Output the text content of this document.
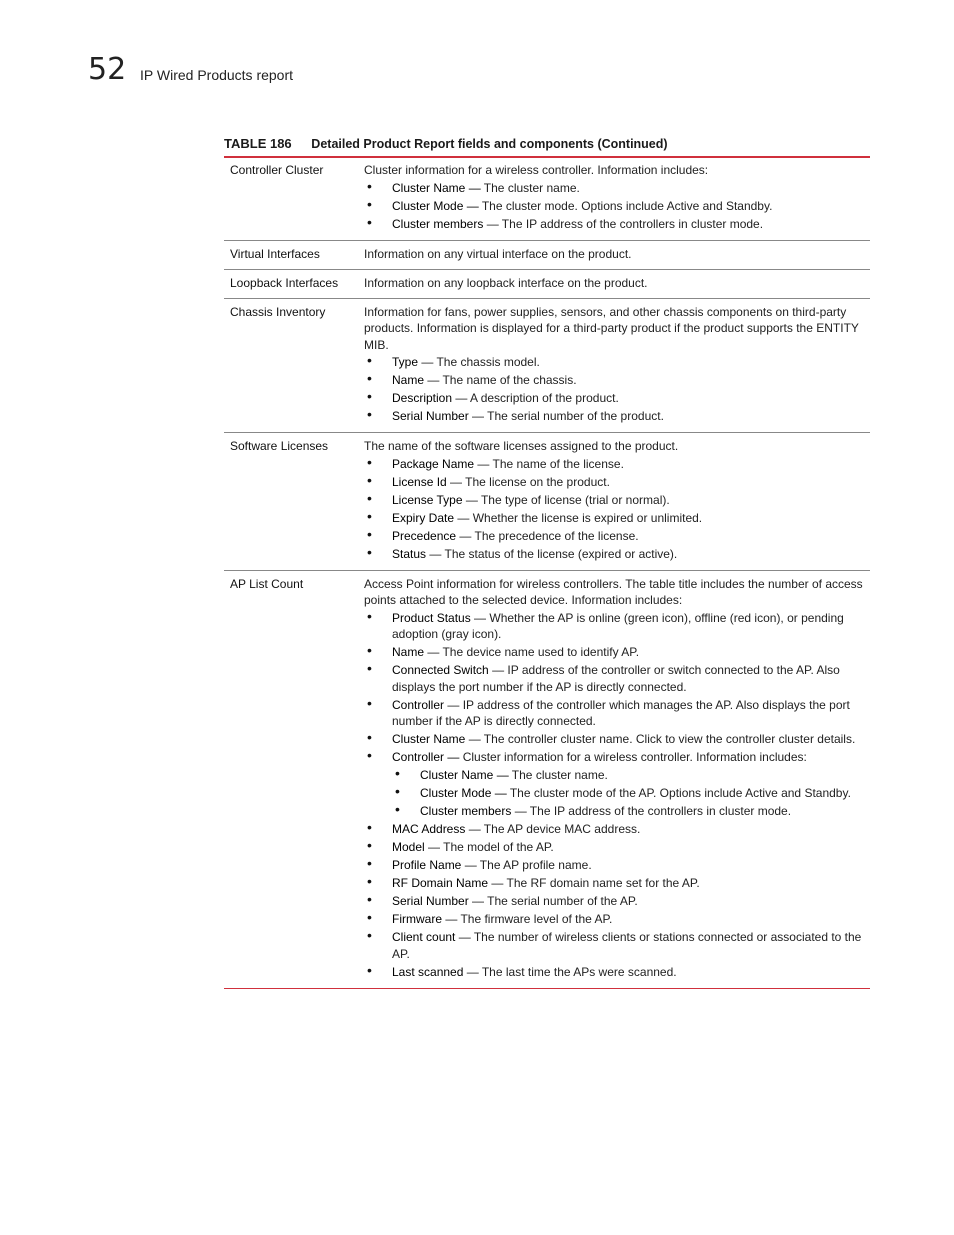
52 IP Wired Products report
TABLE 186 Detailed Product Report fields and components (Continued)
Controller Cluster	Cluster information for a wireless controller. Information includes:

• Cluster Name — The cluster name.
• Cluster Mode — The cluster mode. Options include Active and Standby.
• Cluster members — The IP address of the controllers in cluster mode.
Virtual Interfaces	Information on any virtual interface on the product.

Loopback Interfaces	Information on any loopback interface on the product.

Chassis Inventory	Information for fans, power supplies, sensors, and other chassis components on third-party products. Information is displayed for a third-party product if the product supports the ENTITY MIB.

• Type — The chassis model.
• Name — The name of the chassis.
• Description — A description of the product.
• Serial Number — The serial number of the product.
Software Licenses	The name of the software licenses assigned to the product.

• Package Name — The name of the license.
• License Id — The license on the product.
• License Type — The type of license (trial or normal).
• Expiry Date — Whether the license is expired or unlimited.
• Precedence — The precedence of the license.
• Status — The status of the license (expired or active).
AP List Count	Access Point information for wireless controllers. The table title includes the number of access points attached to the selected device. Information includes:

• Product Status — Whether the AP is online (green icon), offline (red icon), or pending adoption (gray icon).
• Name — The device name used to identify AP.
• Connected Switch — IP address of the controller or switch connected to the AP. Also displays the port number if the AP is directly connected.
• Controller — IP address of the controller which manages the AP. Also displays the port number if the AP is directly connected.
• Cluster Name — The controller cluster name. Click to view the controller cluster details.
• Controller — Cluster information for a wireless controller. Information includes:
• Cluster Name — The cluster name.
• Cluster Mode — The cluster mode of the AP. Options include Active and Standby.
• Cluster members — The IP address of the controllers in cluster mode.
• MAC Address — The AP device MAC address.
• Model — The model of the AP.
• Profile Name — The AP profile name.
• RF Domain Name — The RF domain name set for the AP.
• Serial Number — The serial number of the AP.
• Firmware — The firmware level of the AP.
• Client count — The number of wireless clients or stations connected or associated to the AP.
• Last scanned — The last time the APs were scanned.
